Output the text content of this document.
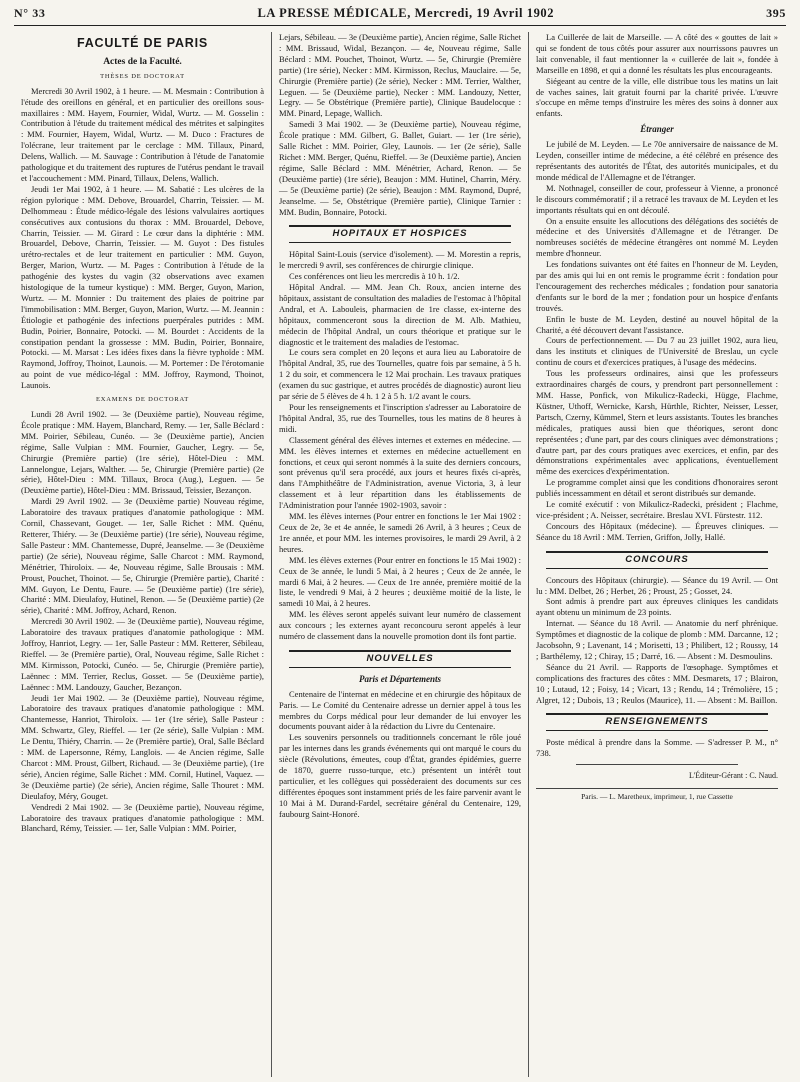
N° 33	LA PRESSE MÉDICALE, Mercredi, 19 Avril 1902	395
FACULTÉ DE PARIS
Actes de la Faculté.
THÈSES DE DOCTORAT

Mercredi 30 Avril 1902, à 1 heure. — M. Mesmain : Contribution à l'étude des oreillons en général, et en particulier des oreillons sous-maxillaires : MM. Hayem, Fournier, Widal, Wurtz. — M. Gosselin : Contribution à l'étude du traitement médical des métrites et salpingites : MM. Fournier, Hayem, Widal, Wurtz. — M. Duco : Fractures de l'olécrane, leur traitement par le cerclage : MM. Tillaux, Pinard, Delens, Wallich. — M. Sauvage : Contribution à l'étude de l'anatomie pathologique et du traitement des ruptures de l'utérus pendant le travail et l'accouchement : MM. Pinard, Tillaux, Delens, Wallich.

Jeudi 1er Mai 1902, à 1 heure. — M. Sabatié : Les ulcères de la région pylorique : MM. Debove, Brouardel, Charrin, Teissier. — M. Delhommeau : Étude médico-légale des lésions valvulaires aortiques consécutives aux contusions du thorax : MM. Brouardel, Debove, Charrin, Teissier. — M. Girard : Le cœur dans la diphtérie : MM. Brouardel, Debove, Charrin, Teissier. — M. Guyot : Des fistules urétro-rectales et de leur traitement en particulier : MM. Guyon, Berger, Marion, Wurtz. — M. Pages : Contribution à l'étude de la pathogénie des kystes du vagin (32 observations avec examen histologique de la tumeur kystique) : MM. Berger, Guyon, Marion, Wurtz. — M. Monnier : Du traitement des plaies de poitrine par l'immobilisation : MM. Berger, Guyon, Marion, Wurtz. — M. Jeannin : Étiologie et pathogénie des infections puerpérales putrides : MM. Budin, Poirier, Bonnaire, Potocki. — M. Bourdet : Accidents de la constipation pendant la grossesse : MM. Budin, Poirier, Bonnaire, Potocki. — M. Marsat : Les idées fixes dans la fièvre typhoïde : MM. Raymond, Joffroy, Thoinot, Launois. — M. Portemer : De l'érotomanie au point de vue médico-légal : MM. Joffroy, Raymond, Thoinot, Launois.

EXAMENS DE DOCTORAT

Lundi 28 Avril 1902. — 3e (Deuxième partie), Nouveau régime, École pratique : MM. Hayem, Blanchard, Remy. — 1er, Salle Béclard : MM. Poirier, Sébileau, Cunéo. — 3e (Deuxième partie), Ancien régime, Salle Vulpian : MM. Fournier, Gaucher, Legry. — 5e, Chirurgie (Première partie) (1re série), Hôtel-Dieu : MM. Lannelongue, Lejars, Walther. — 5e, Chirurgie (Première partie) (2e série), Hôtel-Dieu : MM. Tillaux, Broca (Aug.), Leguen. — 5e (Deuxième partie), Hôtel-Dieu : MM. Brissaud, Teissier, Bezançon.

Mardi 29 Avril 1902. — 3e (Deuxième partie) Nouveau régime, Laboratoire des travaux pratiques d'anatomie pathologique : MM. Cornil, Chassevant, Gouget. — 1er, Salle Richet : MM. Quénu, Retterer, Thiéry. — 3e (Deuxième partie) (1re série), Nouveau régime, Salle Pasteur : MM. Chantemesse, Dupré, Jeanselme. — 3e (Deuxième partie) (2e série), Nouveau régime, Salle Charcot : MM. Raymond, Ménétrier, Thiroloix. — 4e, Nouveau régime, Salle Brousais : MM. Proust, Pouchet, Thoinot. — 5e, Chirurgie (Première partie), Charité : MM. Guyon, Le Dentu, Faure. — 5e (Deuxième partie) (1re série), Charité : MM. Dieulafoy, Hutinel, Renon. — 5e (Deuxième partie) (2e série), Charité : MM. Joffroy, Achard, Renon.

Mercredi 30 Avril 1902. — 3e (Deuxième partie), Nouveau régime, Laboratoire des travaux pratiques d'anatomie pathologique : MM. Joffroy, Hanriot, Legry. — 1er, Salle Pasteur : MM. Retterer, Sébileau, Rieffel. — 3e (Première partie), Oral, Nouveau régime, Salle Richet : MM. Kirmisson, Potocki, Cunéo. — 5e, Chirurgie (Première partie), Laënnec : MM. Terrier, Reclus, Gosset. — 5e (Deuxième partie), Laënnec : MM. Landouzy, Gaucher, Bezançon.

Jeudi 1er Mai 1902. — 3e (Deuxième partie), Nouveau régime, Laboratoire des travaux pratiques d'anatomie pathologique : MM. Chantemesse, Hanriot, Thiroloix. — 1er (1re série), Salle Pasteur : MM. Schwartz, Gley, Rieffel. — 1er (2e série), Salle Vulpian : MM. Le Dentu, Thiéry, Charrin. — 2e (Première partie), Oral, Salle Béclard : MM. de Lapersonne, Rémy, Langlois. — 4e Ancien régime, Salle Charcot : MM. Proust, Gilbert, Richaud. — 3e (Deuxième partie), (1re série), Ancien régime, Salle Richet : MM. Cornil, Hutinel, Vaquez. — 3e (Deuxième partie) (2e série), Ancien régime, Salle Thouret : MM. Dieulafoy, Méry, Gouget.

Vendredi 2 Mai 1902. — 3e (Deuxième partie), Nouveau régime, Laboratoire des travaux pratiques d'anatomie pathologique : MM. Blanchard, Rémy, Teissier. — 1er, Salle Vulpian : MM. Poirier,

Lejars, Sébileau. — 3e (Deuxième partie), Ancien régime, Salle Richet : MM. Brissaud, Widal, Bezançon. — 4e, Nouveau régime, Salle Béclard : MM. Pouchet, Thoinot, Wurtz. — 5e, Chirurgie (Première partie) (1re série), Necker : MM. Kirmisson, Reclus, Mauclaire. — 5e, Chirurgie (Première partie) (2e série), Necker : MM. Terrier, Walther, Leguen. — 5e (Deuxième partie), Necker : MM. Landouzy, Netter, Legry. — 5e Obstétrique (Première partie), Clinique Baudelocque : MM. Pinard, Lepage, Wallich.

Samedi 3 Mai 1902. — 3e (Deuxième partie), Nouveau régime, École pratique : MM. Gilbert, G. Ballet, Guiart. — 1er (1re série), Salle Richet : MM. Poirier, Gley, Launois. — 1er (2e série), Salle Richet : MM. Berger, Quénu, Rieffel. — 3e (Deuxième partie), Ancien régime, Salle Béclard : MM. Ménétrier, Achard, Renon. — 5e (Deuxième partie) (1re série), Beaujon : MM. Hutinel, Charrin, Méry. — 5e (Deuxième partie) (2e série), Beaujon : MM. Raymond, Dupré, Jeanselme. — 5e, Obstétrique (Première partie), Clinique Tarnier : MM. Budin, Bonnaire, Potocki.

HOPITAUX ET HOSPICES

Hôpital Saint-Louis (service d'isolement). — M. Morestin a repris, le mercredi 9 avril, ses conférences de chirurgie clinique.

Ces conférences ont lieu les mercredis à 10 h. 1/2.

Hôpital Andral. — MM. Jean Ch. Roux, ancien interne des hôpitaux, assistant de consultation des maladies de l'estomac à l'hôpital Andral, et A. Labouleis, pharmacien de 1re classe, ex-interne des hôpitaux, commenceront sous la direction de M. Alb. Mathieu, médecin de l'hôpital Andral, un cours théorique et pratique sur le diagnostic et le traitement des maladies de l'estomac.

Le cours sera complet en 20 leçons et aura lieu au Laboratoire de l'hôpital Andral, 35, rue des Tournelles, quatre fois par semaine, à 5 h. 1 2 du soir, et commencera le 12 Mai prochain. Les travaux pratiques (examen du suc gastrique, et autres procédés de diagnostic) auront lieu par série de 5 élèves de 4 h. 1 2 à 5 h. 1/2 avant le cours.

Pour les renseignements et l'inscription s'adresser au Laboratoire de l'hôpital Andral, 35, rue des Tournelles, tous les matins de 8 heures à midi.

Classement général des élèves internes et externes en médecine. — MM. les élèves internes et externes en médecine actuellement en fonctions, et ceux qui seront nommés à la suite des derniers concours, sont prévenus qu'il sera procédé, aux jours et heures fixés ci-après, dans l'Amphithéâtre de l'Administration, avenue Victoria, 3, à leur classement et à leur répartition dans les établissements de l'Administration pour l'année 1902-1903, savoir :

MM. les élèves internes (Pour entrer en fonctions le 1er Mai 1902 : Ceux de 2e, 3e et 4e année, le samedi 26 Avril, à 3 heures ; Ceux de 1re année, et pour MM. les internes provisoires, le mardi 29 Avril, à 2 heures.

MM. les élèves externes (Pour entrer en fonctions le 15 Mai 1902) : Ceux de 3e année, le lundi 5 Mai, à 2 heures ; Ceux de 2e année, le mardi 6 Mai, à 2 heures. — Ceux de 1re année, première moitié de la liste, le vendredi 9 Mai, à 2 heures ; deuxième moitié de la liste, le samedi 10 Mai, à 2 heures.

MM. les élèves seront appelés suivant leur numéro de classement aux concours ; les externes ayant reconcouru seront appelés à leur numéro de classement dans la nouvelle promotion dont ils font partie.

NOUVELLES
Paris et Départements

Centenaire de l'internat en médecine et en chirurgie des hôpitaux de Paris. — Le Comité du Centenaire adresse un dernier appel à tous les membres du Corps médical pour leur demander de lui envoyer les documents pouvant aider à la rédaction du Livre du Centenaire.

Les souvenirs personnels ou traditionnels concernant le rôle joué par les internes dans les grands événements qui ont marqué le cours du siècle (Révolutions, émeutes, coup d'État, grandes épidémies, guerre de 1870, guerre russo-turque, etc.) présentent un intérêt tout particulier, et les collègues qui possèderaient des documents sur ces différentes époques sont instamment priés de les faire parvenir avant le 10 Mai à M. Durand-Fardel, secrétaire général du Centenaire, 129, faubourg Saint-Honoré.

La Cuillerée de lait de Marseille. — A côté des « gouttes de lait » qui se fondent de tous côtés pour assurer aux nourrissons pauvres un lait convenable, il faut mentionner la « cuillerée de lait », fondée à Marseille en 1898, et qui a donné les résultats les plus encourageants.

Siégeant au centre de la ville, elle distribue tous les matins un lait de vaches saines, lait gratuit fourni par la charité privée. L'œuvre s'occupe en même temps d'instruire les mères des soins à donner aux enfants.

Étranger

Le jubilé de M. Leyden. — Le 70e anniversaire de naissance de M. Leyden, conseiller intime de médecine, a été célébré en présence des représentants des autorités de l'État, des autorités municipales, et du monde médical de l'Allemagne et de l'étranger.

M. Nothnagel, conseiller de cour, professeur à Vienne, a prononcé le discours commémoratif ; il a retracé les travaux de M. Leyden et les importants résultats qui en ont découlé.

On a ensuite ensuite les allocutions des délégations des sociétés de médecine et des Universités d'Allemagne et de l'étranger. De nombreuses sociétés de médecine étrangères ont nommé M. Leyden membre d'honneur.

Les fondations suivantes ont été faites en l'honneur de M. Leyden, par des amis qui lui en ont remis le programme écrit : fondation pour l'encouragement des recherches médicales ; fondation pour sanatoria d'enfants sur le bord de la mer ; fondation pour un hospice d'enfants trouvés.

Enfin le buste de M. Leyden, destiné au nouvel hôpital de la Charité, a été découvert devant l'assistance.

Cours de perfectionnement. — Du 7 au 23 juillet 1902, aura lieu, dans les instituts et cliniques de l'Université de Breslau, un cycle continu de cours et d'exercices pratiques, à l'usage des médecins.

Tous les professeurs ordinaires, ainsi que les professeurs extraordinaires chargés de cours, y prendront part personnellement : MM. Hasse, Ponfick, von Mikulicz-Radecki, Hügge, Flachme, Küstner, Uthoff, Wernicke, Karsh, Hürthle, Richter, Neisser, Lesser, Partsch, Czerny, Kümmel, Stern et leurs assistants. Toutes les branches médicales, pratiques aussi bien que théoriques, seront donc représentées ; d'une part, par des cours cliniques avec démonstrations ; d'autre part, par des cours pratiques avec exercices, et enfin, par des démonstrations expérimentales avec applications, éventuellement même des exercices d'expérimentation.

Le programme complet ainsi que les conditions d'honoraires seront publiés incessamment en détail et seront distribués sur demande.

Le comité exécutif : von Mikulicz-Radecki, président ; Flachme, vice-président ; A. Neisser, secrétaire. Breslau XVI. Fürstestr. 112.

Concours des Hôpitaux (médecine). — Épreuves cliniques. — Séance du 18 Avril : MM. Terrien, Griffon, Jolly, Hallé.

CONCOURS

Concours des Hôpitaux (chirurgie). — Séance du 19 Avril. — Ont lu : MM. Delbet, 26 ; Herbet, 26 ; Proust, 25 ; Gosset, 24.

Sont admis à prendre part aux épreuves cliniques les candidats ayant obtenu un minimum de 23 points.

Internat. — Séance du 18 Avril. — Anatomie du nerf phrénique. Symptômes et diagnostic de la colique de plomb : MM. Darcanne, 12 ; Jacobsohn, 9 ; Lavenant, 14 ; Morisetti, 13 ; Philibert, 12 ; Roussy, 14 ; Barthélemy, 12 ; Chiray, 15 ; Darré, 16. — Absent : M. Desmoulins.

Séance du 21 Avril. — Rapports de l'œsophage. Symptômes et complications des fractures des côtes : MM. Desmarets, 17 ; Blairon, 10 ; Lutaud, 12 ; Foisy, 14 ; Vicart, 13 ; Rendu, 14 ; Trémolière, 15 ; Algret, 12 ; Dubois, 13 ; Reulos (Maurice), 11. — Absent : M. Baillon.

RENSEIGNEMENTS

Poste médical à prendre dans la Somme. — S'adresser P. M., n° 738.

L'Éditeur-Gérant : C. Naud.
Paris. — L. Maretheux, imprimeur, 1, rue Cassette
